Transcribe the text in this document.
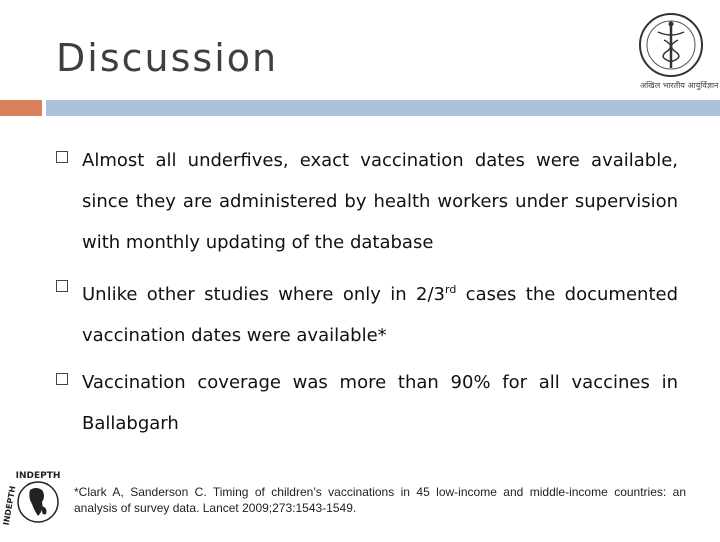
Discussion
अखिल भारतीय आयुर्विज्ञान
Almost all underfives, exact vaccination dates were available, since they are administered by health workers under supervision with monthly updating of the database
Unlike other studies where only in 2/3rd cases the documented vaccination dates were available*
Vaccination coverage was more than 90% for all vaccines in Ballabgarh
INDEPTH
INDEPTH	*Clark A, Sanderson C. Timing of children’s vaccinations in 45 low-income and middle-income countries: an analysis of survey data. Lancet 2009;273:1543-1549.
